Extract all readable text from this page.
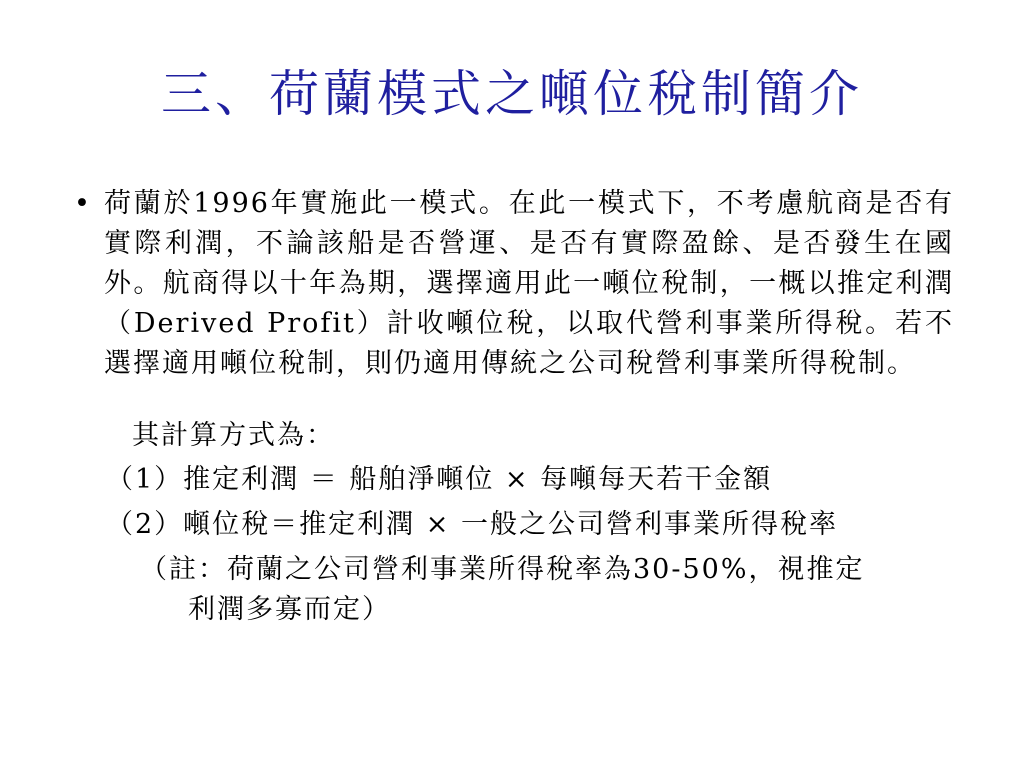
三、荷蘭模式之噸位稅制簡介
• 荷蘭於1996年實施此一模式。在此一模式下，不考慮航商是否有實際利潤，不論該船是否營運、是否有實際盈餘、是否發生在國外。航商得以十年為期，選擇適用此一噸位稅制，一概以推定利潤（Derived Profit）計收噸位稅，以取代營利事業所得稅。若不選擇適用噸位稅制，則仍適用傳統之公司稅營利事業所得稅制。
其計算方式為：
（1）推定利潤 ＝ 船舶淨噸位 × 每噸每天若干金額
（2）噸位稅＝推定利潤 × 一般之公司營利事業所得稅率
（註：荷蘭之公司營利事業所得稅率為30-50%，視推定
利潤多寡而定）
